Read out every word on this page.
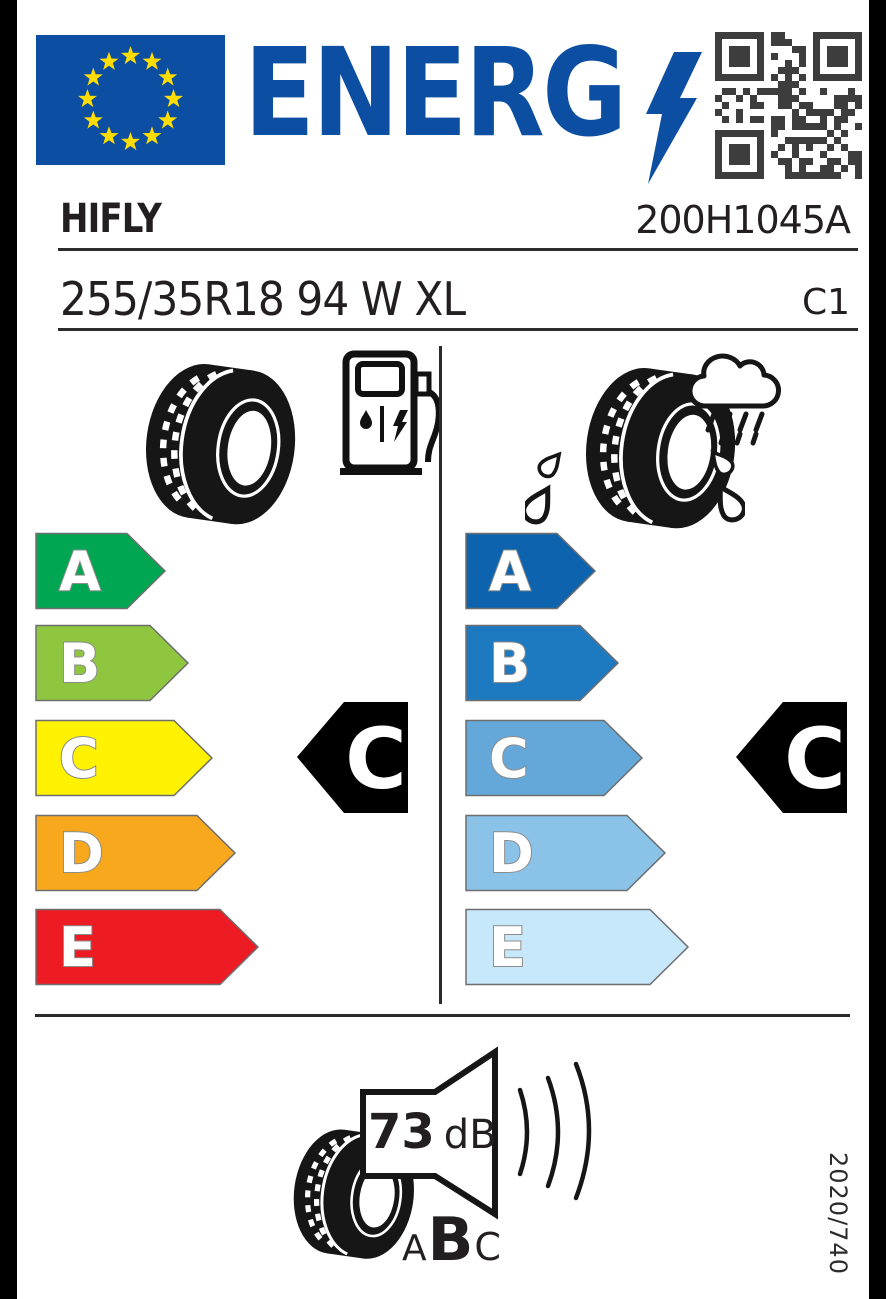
ENERG
HIFLY	200H1045A
255/35R18 94 W XL	C1
A
B
C
D
E
A
B
C
D
E
C	C
73 dB
A B C	2020/740
